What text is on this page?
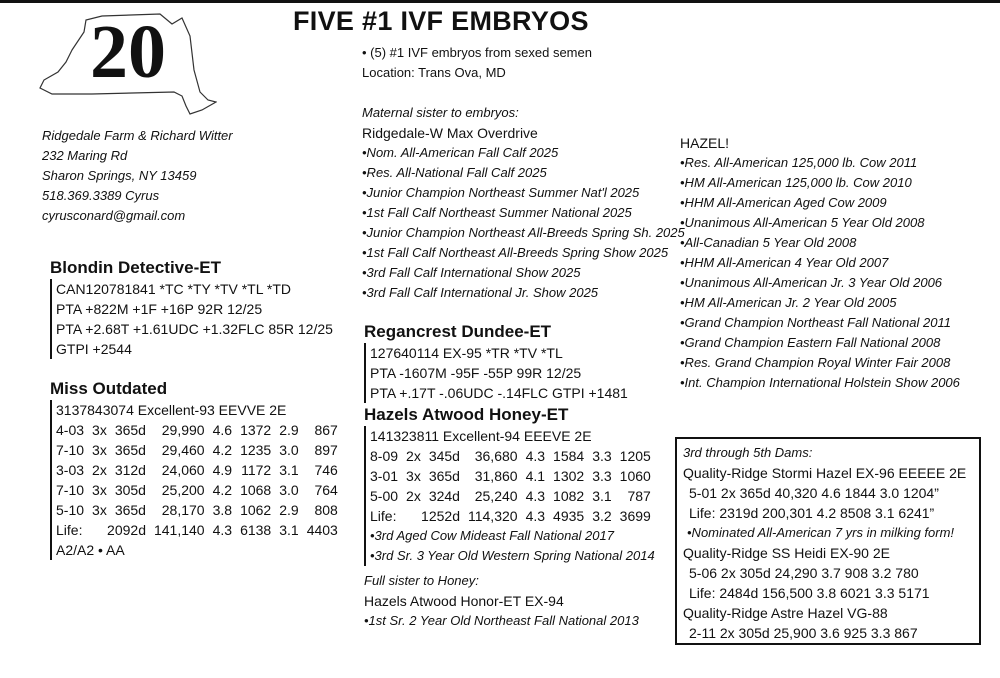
20	FIVE #1 IVF EMBRYOS
• (5) #1 IVF embryos from sexed semen
Location: Trans Ova, MD
Ridgedale Farm & Richard Witter
232 Maring Rd
Sharon Springs, NY 13459
518.369.3389 Cyrus
cyrusconard@gmail.com
Blondin Detective-ET
CAN120781841 *TC *TY *TV *TL *TD
PTA +822M +1F +16P 92R 12/25
PTA +2.68T +1.61UDC +1.32FLC 85R 12/25
GTPI +2544
Miss Outdated
3137843074 Excellent-93 EEVVE 2E
4-03	3x	365d	29,990	4.6	1372	2.9	867
7-10	3x	365d	29,460	4.2	1235	3.0	897
3-03	2x	312d	24,060	4.9	1172	3.1	746
7-10	3x	305d	25,200	4.2	1068	3.0	764
5-10	3x	365d	28,170	3.8	1062	2.9	808
Life:	2092d		141,140	4.3	6138	3.1	4403
A2/A2 • AA
Maternal sister to embryos:
Ridgedale-W Max Overdrive
•Nom. All-American Fall Calf 2025
•Res. All-National Fall Calf 2025
•Junior Champion Northeast Summer Nat'l 2025
•1st Fall Calf Northeast Summer National 2025
•Junior Champion Northeast All-Breeds Spring Sh. 2025
•1st Fall Calf Northeast All-Breeds Spring Show 2025
•3rd Fall Calf International Show 2025
•3rd Fall Calf International Jr. Show 2025
Regancrest Dundee-ET
127640114 EX-95 *TR *TV *TL
PTA -1607M -95F -55P 99R 12/25
PTA +.17T -.06UDC -.14FLC GTPI +1481
Hazels Atwood Honey-ET
141323811 Excellent-94 EEEVE 2E
8-09	2x	345d	36,680	4.3	1584	3.3	1205
3-01	3x	365d	31,860	4.1	1302	3.3	1060
5-00	2x	324d	25,240	4.3	1082	3.1	787
Life:	1252d		114,320	4.3	4935	3.2	3699
•3rd Aged Cow Mideast Fall National 2017
•3rd Sr. 3 Year Old Western Spring National 2014
Full sister to Honey:
Hazels Atwood Honor-ET EX-94
•1st Sr. 2 Year Old Northeast Fall National 2013
HAZEL!
•Res. All-American 125,000 lb. Cow 2011
•HM All-American 125,000 lb. Cow 2010
•HHM All-American Aged Cow 2009
•Unanimous All-American 5 Year Old 2008
•All-Canadian 5 Year Old 2008
•HHM All-American 4 Year Old 2007
•Unanimous All-American Jr. 3 Year Old 2006
•HM All-American Jr. 2 Year Old 2005
•Grand Champion Northeast Fall National 2011
•Grand Champion Eastern Fall National 2008
•Res. Grand Champion Royal Winter Fair 2008
•Int. Champion International Holstein Show 2006
3rd through 5th Dams:
Quality-Ridge Stormi Hazel EX-96 EEEEE 2E
5-01 2x 365d 40,320 4.6 1844 3.0 1204”
Life: 2319d 200,301 4.2 8508 3.1 6241”
•Nominated All-American 7 yrs in milking form!
Quality-Ridge SS Heidi EX-90 2E
5-06 2x 305d 24,290 3.7 908 3.2 780
Life: 2484d 156,500 3.8 6021 3.3 5171
Quality-Ridge Astre Hazel VG-88
2-11 2x 305d 25,900 3.6 925 3.3 867
